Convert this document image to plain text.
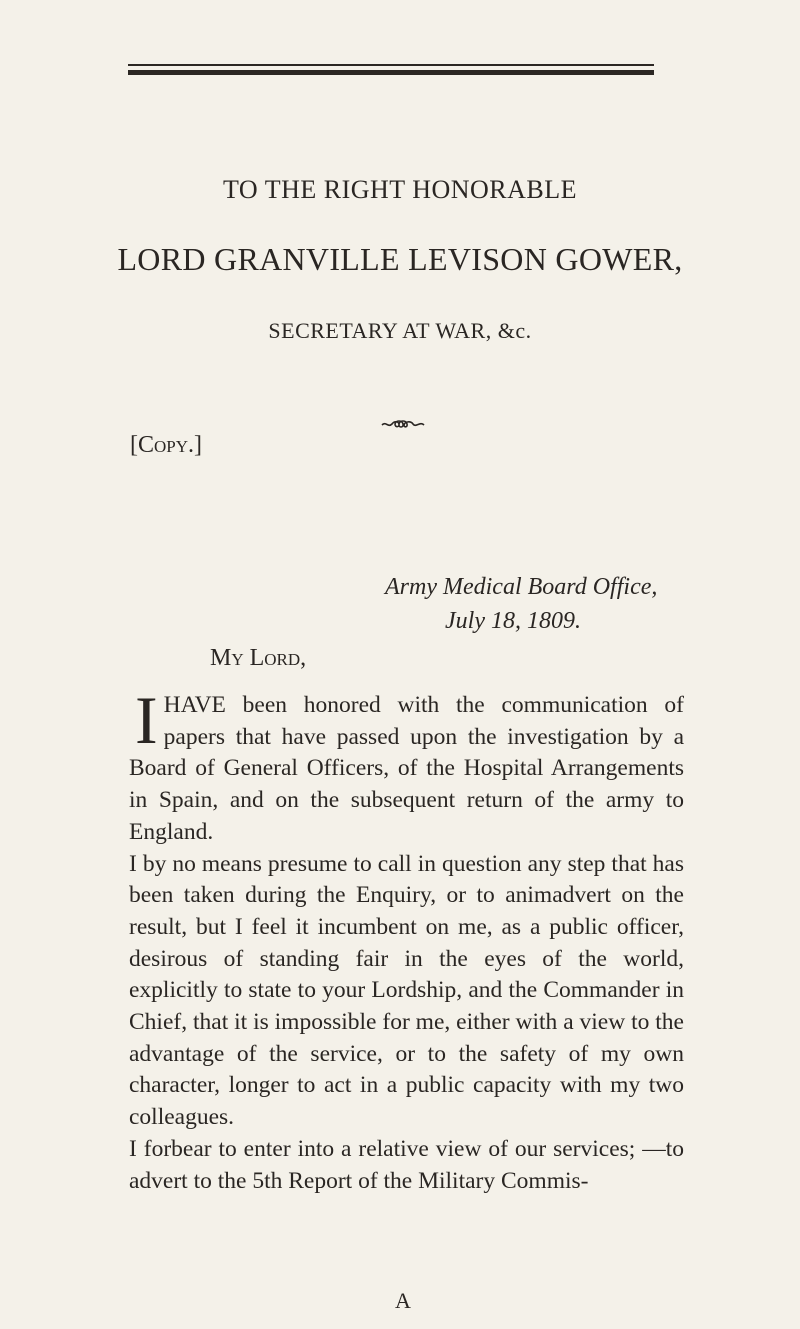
TO THE RIGHT HONORABLE
LORD GRANVILLE LEVISON GOWER,
SECRETARY AT WAR, &c.
[Copy.]
Army Medical Board Office,
July 18, 1809.
My Lord,

IHAVE been honored with the communication of papers that have passed upon the investigation by a Board of General Officers, of the Hospital Arrangements in Spain, and on the subsequent return of the army to England.

I by no means presume to call in question any step that has been taken during the Enquiry, or to animadvert on the result, but I feel it incumbent on me, as a public officer, desirous of standing fair in the eyes of the world, explicitly to state to your Lordship, and the Commander in Chief, that it is impossible for me, either with a view to the advantage of the service, or to the safety of my own character, longer to act in a public capacity with my two colleagues.

I forbear to enter into a relative view of our services; —to advert to the 5th Report of the Military Commis-

A
